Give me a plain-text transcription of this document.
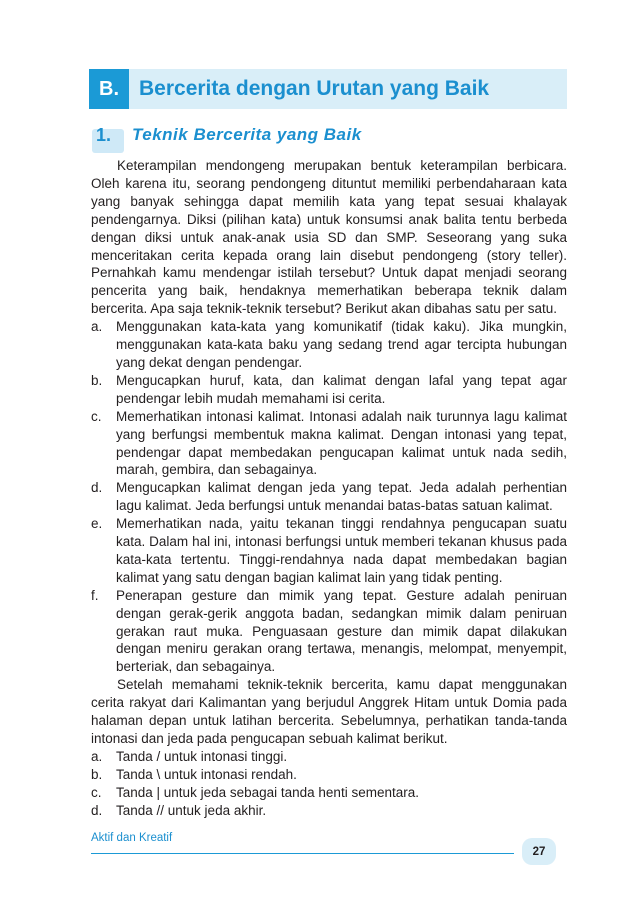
B. Bercerita dengan Urutan yang Baik
1. Teknik Bercerita yang Baik

Keterampilan mendongeng merupakan bentuk keterampilan berbicara. Oleh karena itu, seorang pendongeng dituntut memiliki perbendaharaan kata yang banyak sehingga dapat memilih kata yang tepat sesuai khalayak pendengarnya. Diksi (pilihan kata) untuk konsumsi anak balita tentu berbeda dengan diksi untuk anak-anak usia SD dan SMP. Seseorang yang suka menceritakan cerita kepada orang lain disebut pendongeng (story teller). Pernahkah kamu mendengar istilah tersebut? Untuk dapat menjadi seorang pencerita yang baik, hendaknya memerhatikan beberapa teknik dalam bercerita. Apa saja teknik-teknik tersebut? Berikut akan dibahas satu per satu.

a.	Menggunakan kata-kata yang komunikatif (tidak kaku). Jika mungkin, menggunakan kata-kata baku yang sedang trend agar tercipta hubungan yang dekat dengan pendengar.
b.	Mengucapkan huruf, kata, dan kalimat dengan lafal yang tepat agar pendengar lebih mudah memahami isi cerita.
c.	Memerhatikan intonasi kalimat. Intonasi adalah naik turunnya lagu kalimat yang berfungsi membentuk makna kalimat. Dengan intonasi yang tepat, pendengar dapat membedakan pengucapan kalimat untuk nada sedih, marah, gembira, dan sebagainya.
d.	Mengucapkan kalimat dengan jeda yang tepat. Jeda adalah perhentian lagu kalimat. Jeda berfungsi untuk menandai batas-batas satuan kalimat.
e.	Memerhatikan nada, yaitu tekanan tinggi rendahnya pengucapan suatu kata. Dalam hal ini, intonasi berfungsi untuk memberi tekanan khusus pada kata-kata tertentu. Tinggi-rendahnya nada dapat membedakan bagian kalimat yang satu dengan bagian kalimat lain yang tidak penting.
f.	Penerapan gesture dan mimik yang tepat. Gesture adalah peniruan dengan gerak-gerik anggota badan, sedangkan mimik dalam peniruan gerakan raut muka. Penguasaan gesture dan mimik dapat dilakukan dengan meniru gerakan orang tertawa, menangis, melompat, menyempit, berteriak, dan sebagainya.

Setelah memahami teknik-teknik bercerita, kamu dapat menggunakan cerita rakyat dari Kalimantan yang berjudul Anggrek Hitam untuk Domia pada halaman depan untuk latihan bercerita. Sebelumnya, perhatikan tanda-tanda intonasi dan jeda pada pengucapan sebuah kalimat berikut.

a.	Tanda / untuk intonasi tinggi.
b.	Tanda \ untuk intonasi rendah.
c.	Tanda | untuk jeda sebagai tanda henti sementara.
d.	Tanda // untuk jeda akhir.
Aktif dan Kreatif
27
